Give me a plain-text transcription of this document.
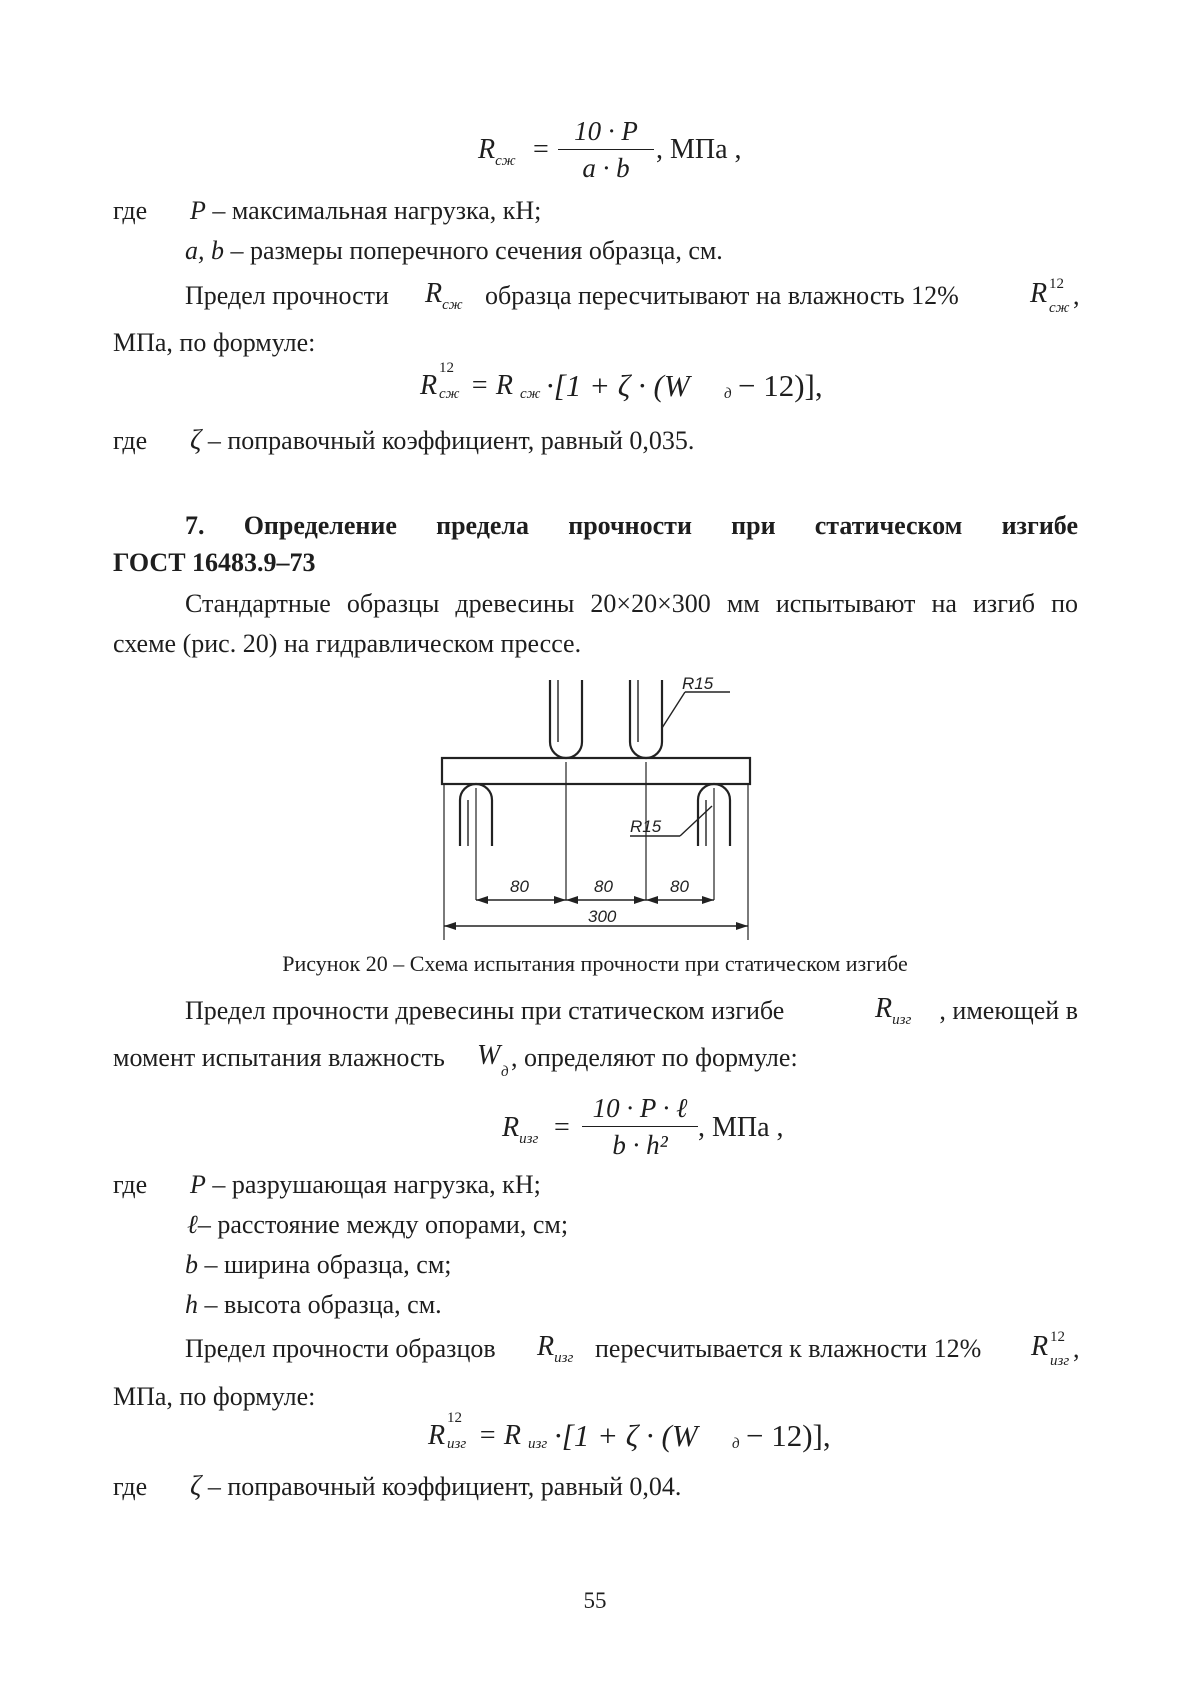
$R_{сж}$ =
10 · P
a · b
, МПа ,
где P – максимальная нагрузка, кН;
a, b – размеры поперечного сечения образца, см.
Предел прочности $R_{сж}$ образца пересчитывают на влажность 12%	R 12
сж ,
МПа, по формуле:
R
12
сж = R сж ·[1 + ζ · (W д − 12)],
где ζ – поправочный коэффициент, равный 0,035.
7. Определение предела прочности при статическом изгибе
ГОСТ 16483.9–73
Стандартные образцы древесины 20×20×300 мм испытывают на изгиб по
схеме (рис. 20) на гидравлическом прессе.
R15
R15
80	80	80
300
Рисунок 20 – Схема испытания прочности при статическом изгибе
Предел прочности древесины при статическом изгибе	$R_{изг}$	, имеющей в
момент испытания влажность W
д , определяют по формуле:
$R_{изг}$ =
10 · P · ℓ
b · h²
, МПа ,
где P – разрушающая нагрузка, кН;
ℓ– расстояние между опорами, см;
b – ширина образца, см;
h – высота образца, см.
Предел прочности образцов $R_{изг}$ пересчитывается к влажности 12% R 12
изг ,
МПа, по формуле:
R
12
изг = R изг ·[1 + ζ · (W д − 12)],
где ζ – поправочный коэффициент, равный 0,04.
55
